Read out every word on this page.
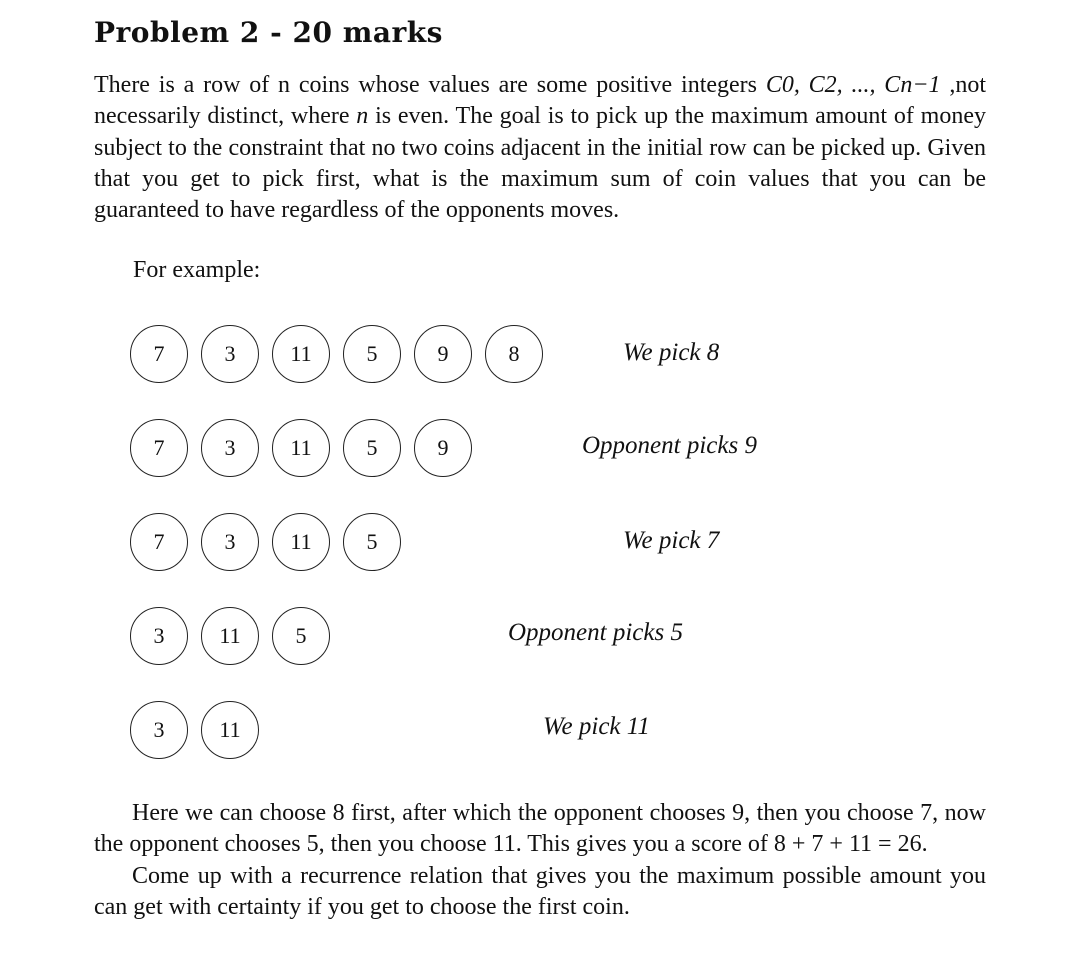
Problem 2 - 20 marks

There is a row of n coins whose values are some positive integers C0, C2, ..., Cn−1 ,not necessarily distinct, where n is even. The goal is to pick up the maximum amount of money subject to the constraint that no two coins adjacent in the initial row can be picked up. Given that you get to pick first, what is the maximum sum of coin values that you can be guaranteed to have regardless of the opponents moves.

For example:

7	3	11	5	9	8	We pick 8

7	3	11	5	9	Opponent picks 9

7	3	11	5	We pick 7

3	11	5	Opponent picks 5

3	11	We pick 11

Here we can choose 8 first, after which the opponent chooses 9, then you choose 7, now the opponent chooses 5, then you choose 11. This gives you a score of 8 + 7 + 11 = 26.

Come up with a recurrence relation that gives you the maximum possible amount you can get with certainty if you get to choose the first coin.
